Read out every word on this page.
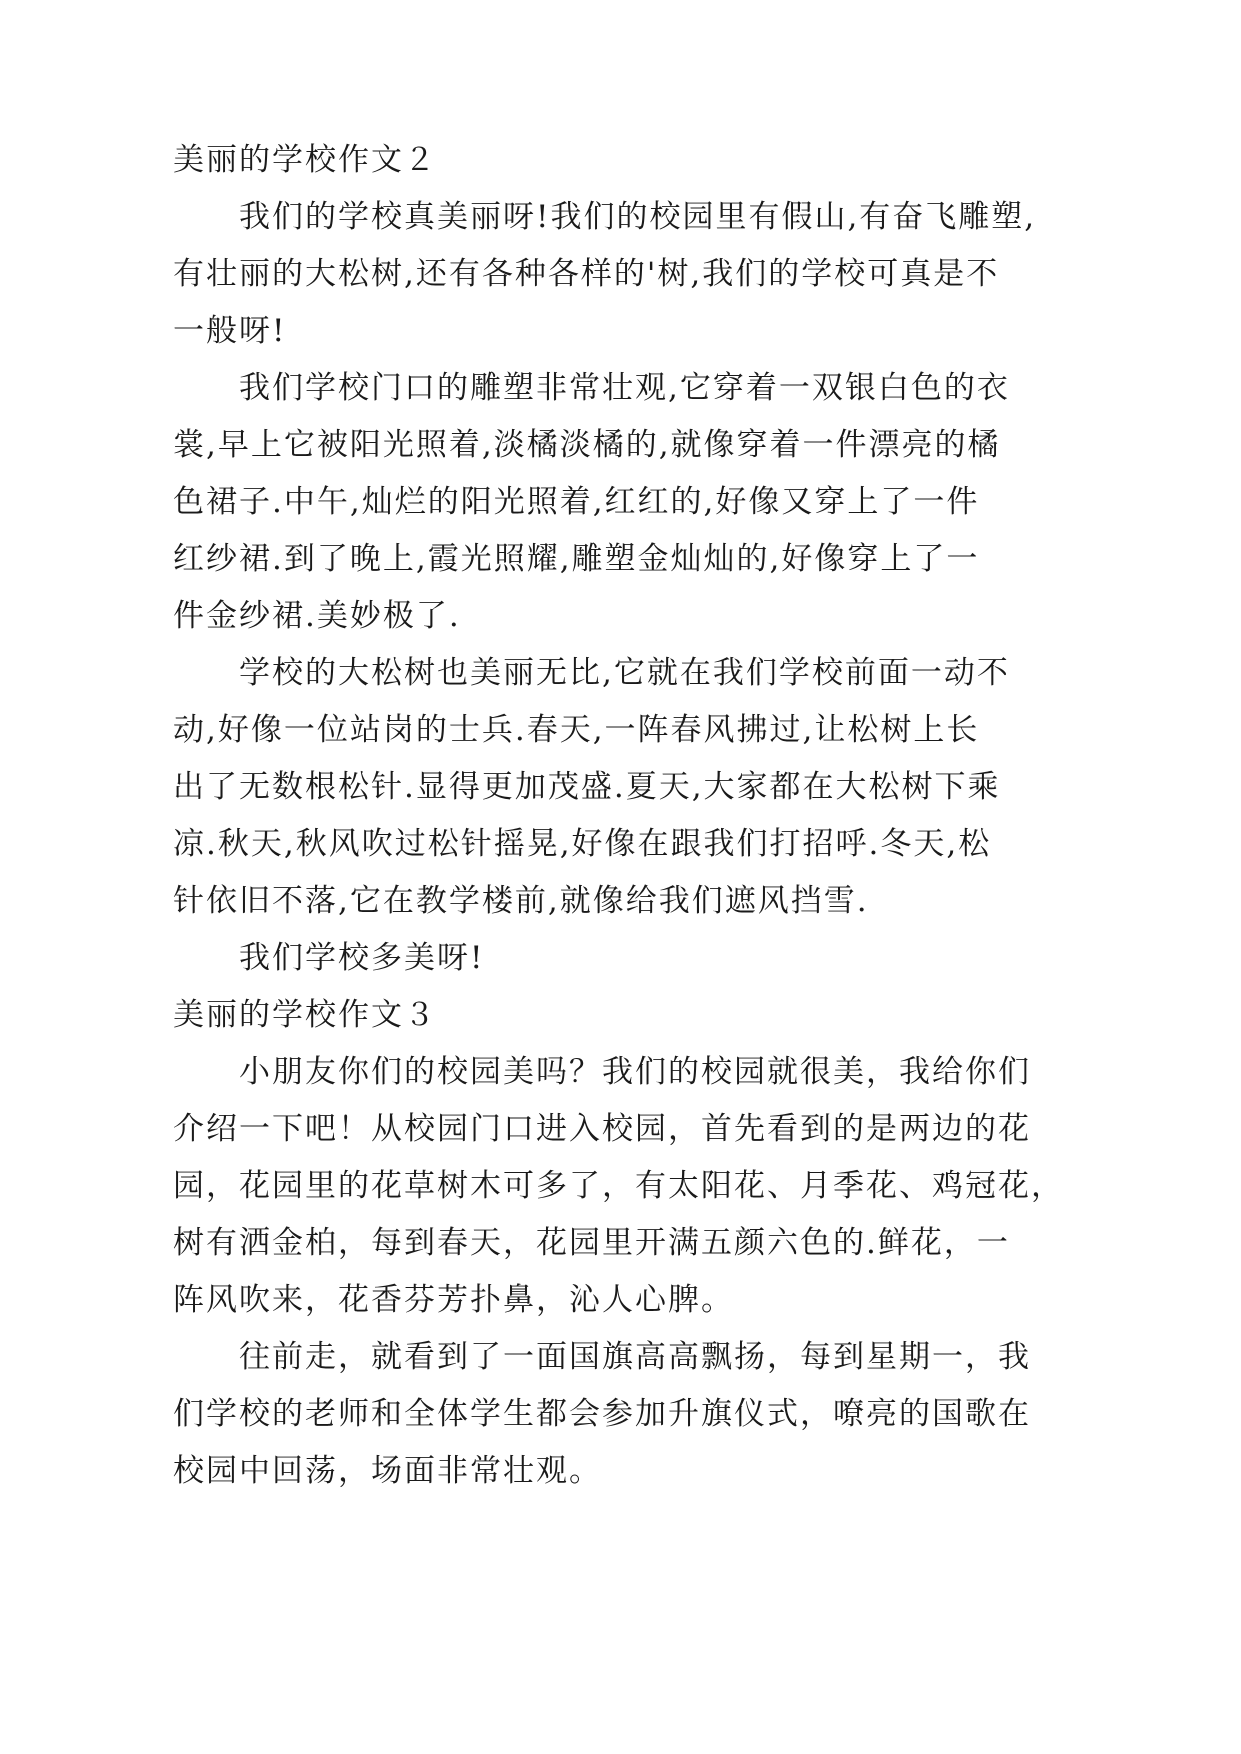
美丽的学校作文２
　　我们的学校真美丽呀!我们的校园里有假山,有奋飞雕塑,
有壮丽的大松树,还有各种各样的'树,我们的学校可真是不
一般呀!
　　我们学校门口的雕塑非常壮观,它穿着一双银白色的衣
裳,早上它被阳光照着,淡橘淡橘的,就像穿着一件漂亮的橘
色裙子.中午,灿烂的阳光照着,红红的,好像又穿上了一件
红纱裙.到了晚上,霞光照耀,雕塑金灿灿的,好像穿上了一
件金纱裙.美妙极了.
　　学校的大松树也美丽无比,它就在我们学校前面一动不
动,好像一位站岗的士兵.春天,一阵春风拂过,让松树上长
出了无数根松针.显得更加茂盛.夏天,大家都在大松树下乘
凉.秋天,秋风吹过松针摇晃,好像在跟我们打招呼.冬天,松
针依旧不落,它在教学楼前,就像给我们遮风挡雪.
　　我们学校多美呀!
美丽的学校作文３
　　小朋友你们的校园美吗？我们的校园就很美，我给你们
介绍一下吧！从校园门口进入校园，首先看到的是两边的花
园，花园里的花草树木可多了，有太阳花、月季花、鸡冠花，
树有洒金柏，每到春天，花园里开满五颜六色的.鲜花，一
阵风吹来，花香芬芳扑鼻，沁人心脾。
　　往前走，就看到了一面国旗高高飘扬，每到星期一，我
们学校的老师和全体学生都会参加升旗仪式，嘹亮的国歌在
校园中回荡，场面非常壮观。
